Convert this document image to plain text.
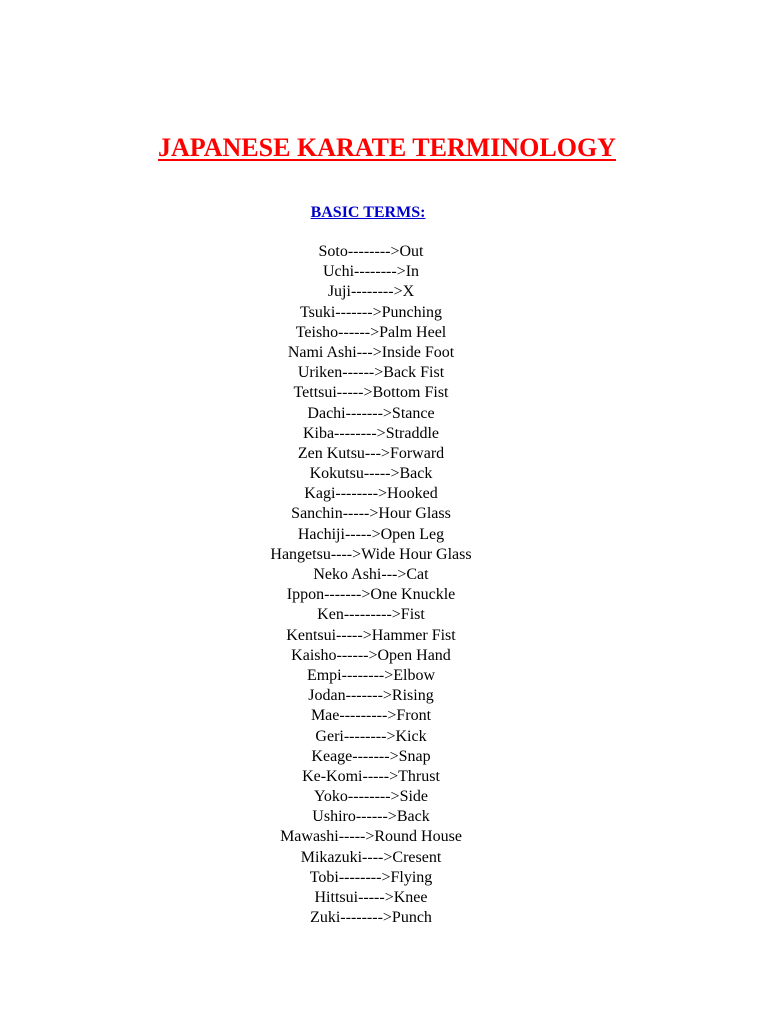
JAPANESE KARATE TERMINOLOGY
BASIC TERMS:
Soto-------->Out
Uchi-------->In
Juji-------->X
Tsuki------->Punching
Teisho------>Palm Heel
Nami Ashi--->Inside Foot
Uriken------>Back Fist
Tettsui----->Bottom Fist
Dachi------->Stance
Kiba-------->Straddle
Zen Kutsu--->Forward
Kokutsu----->Back
Kagi-------->Hooked
Sanchin----->Hour Glass
Hachiji----->Open Leg
Hangetsu---->Wide Hour Glass
Neko Ashi--->Cat
Ippon------->One Knuckle
Ken--------->Fist
Kentsui----->Hammer Fist
Kaisho------>Open Hand
Empi-------->Elbow
Jodan------->Rising
Mae--------->Front
Geri-------->Kick
Keage------->Snap
Ke-Komi----->Thrust
Yoko-------->Side
Ushiro------>Back
Mawashi----->Round House
Mikazuki---->Cresent
Tobi-------->Flying
Hittsui----->Knee
Zuki-------->Punch
